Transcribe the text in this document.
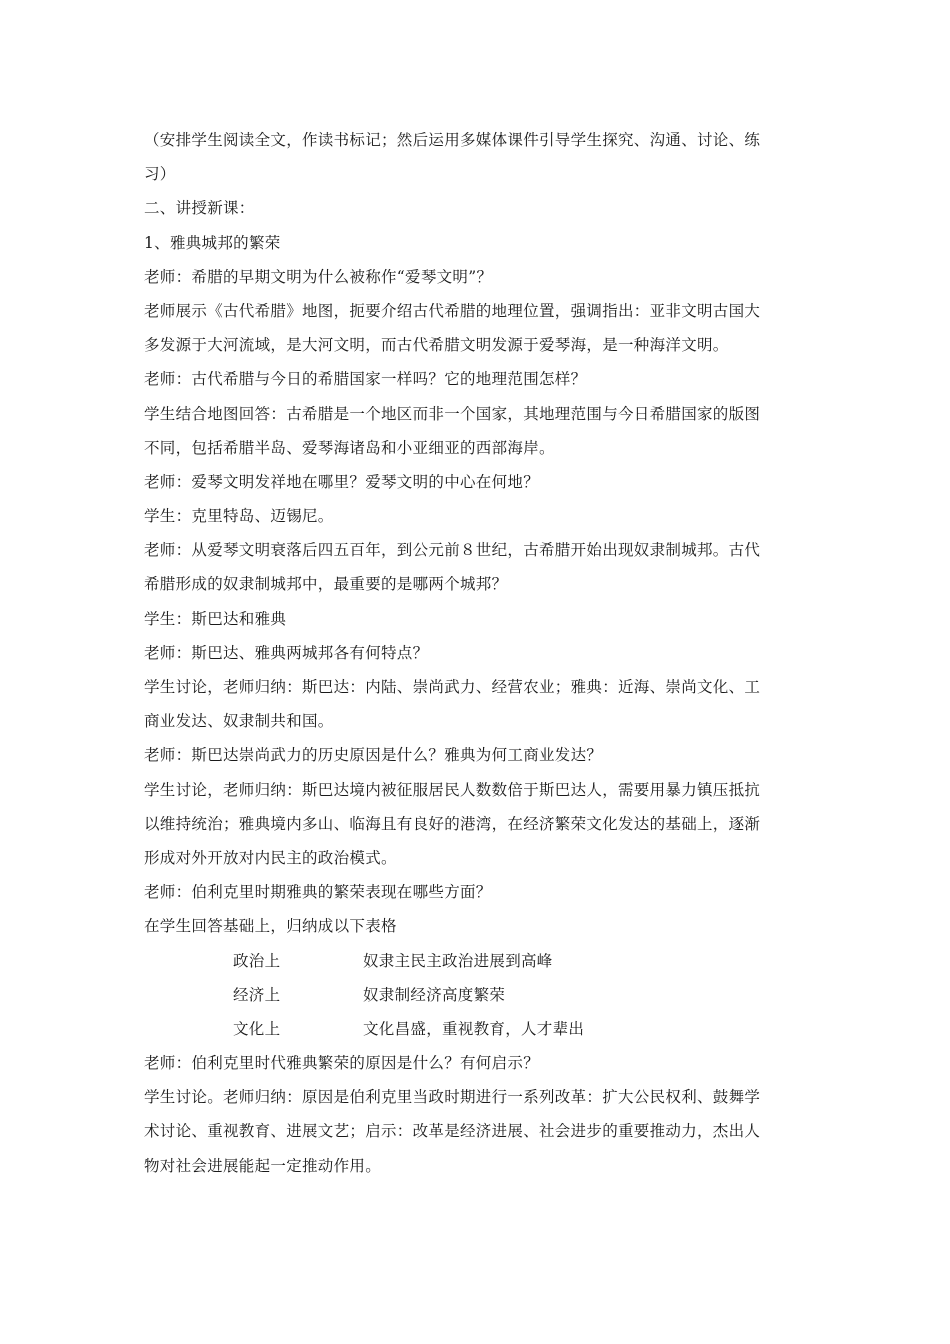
（安排学生阅读全文，作读书标记；然后运用多媒体课件引导学生探究、沟通、讨论、练
习）
二、讲授新课：
1、雅典城邦的繁荣
老师：希腊的早期文明为什么被称作“爱琴文明”？
老师展示《古代希腊》地图，扼要介绍古代希腊的地理位置，强调指出：亚非文明古国大
多发源于大河流域，是大河文明，而古代希腊文明发源于爱琴海，是一种海洋文明。
老师：古代希腊与今日的希腊国家一样吗？它的地理范围怎样？
学生结合地图回答：古希腊是一个地区而非一个国家，其地理范围与今日希腊国家的版图
不同，包括希腊半岛、爱琴海诸岛和小亚细亚的西部海岸。
老师：爱琴文明发祥地在哪里？爱琴文明的中心在何地？
学生：克里特岛、迈锡尼。
老师：从爱琴文明衰落后四五百年，到公元前８世纪，古希腊开始出现奴隶制城邦。古代
希腊形成的奴隶制城邦中，最重要的是哪两个城邦？
学生：斯巴达和雅典
老师：斯巴达、雅典两城邦各有何特点？
学生讨论，老师归纳：斯巴达：内陆、崇尚武力、经营农业；雅典：近海、崇尚文化、工
商业发达、奴隶制共和国。
老师：斯巴达崇尚武力的历史原因是什么？雅典为何工商业发达？
学生讨论，老师归纳：斯巴达境内被征服居民人数数倍于斯巴达人，需要用暴力镇压抵抗
以维持统治；雅典境内多山、临海且有良好的港湾，在经济繁荣文化发达的基础上，逐渐
形成对外开放对内民主的政治模式。
老师：伯利克里时期雅典的繁荣表现在哪些方面？
在学生回答基础上，归纳成以下表格
政治上	奴隶主民主政治进展到高峰
经济上	奴隶制经济高度繁荣
文化上	文化昌盛，重视教育，人才辈出
老师：伯利克里时代雅典繁荣的原因是什么？有何启示？
学生讨论。老师归纳：原因是伯利克里当政时期进行一系列改革：扩大公民权利、鼓舞学
术讨论、重视教育、进展文艺；启示：改革是经济进展、社会进步的重要推动力，杰出人
物对社会进展能起一定推动作用。
